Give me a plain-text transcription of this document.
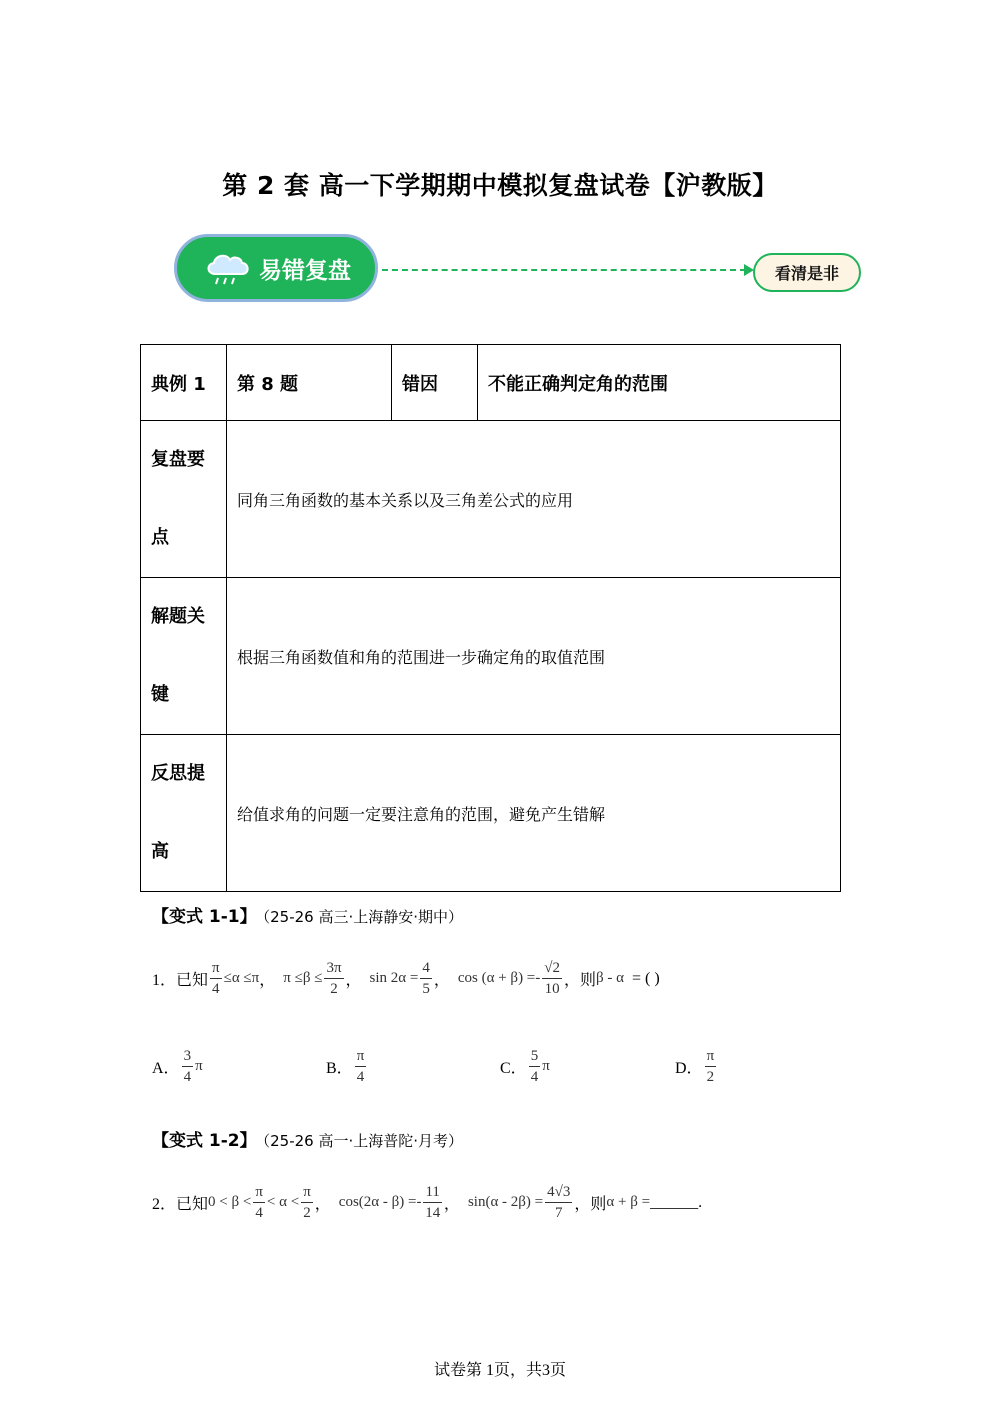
第 2 套 高一下学期期中模拟复盘试卷【沪教版】
易错复盘	看清是非
典例 1	第 8 题	错因	不能正确判定角的范围

复盘要
点	同角三角函数的基本关系以及三角差公式的应用		

解题关
键	根据三角函数值和角的范围进一步确定角的取值范围		

反思提
高	给值求角的问题一定要注意角的范围，避免产生错解		
【变式 1-1】 （25-26 高三·上海静安·期中）
1．已知 $\frac{\pi}{4} \le\alpha \le\pi$ ， $\pi \le\beta \le \frac{3\pi}{2}$ ， $\sin 2\alpha = \frac{4}{5}$ ， $\cos (\alpha + \beta) =- \frac{√2}{10}$ ，则 β - α = ( )
A． $\frac{3}{4}$ π	B． $\frac{\pi}{4}$	C． $\frac{5}{4}$ π	D． $\frac{\pi}{2}$
【变式 1-2】 （25-26 高一·上海普陀·月考）
2．已知 $0 < \beta < \frac{\pi}{4} < \alpha < \frac{\pi}{2}$ ， $\cos(2\alpha - \beta) =- \frac{11}{14}$ ， $\sin(\alpha - 2\beta) = \frac{4√3}{7}$ ，则 α + β = ______.
试卷第 1页，共3页
